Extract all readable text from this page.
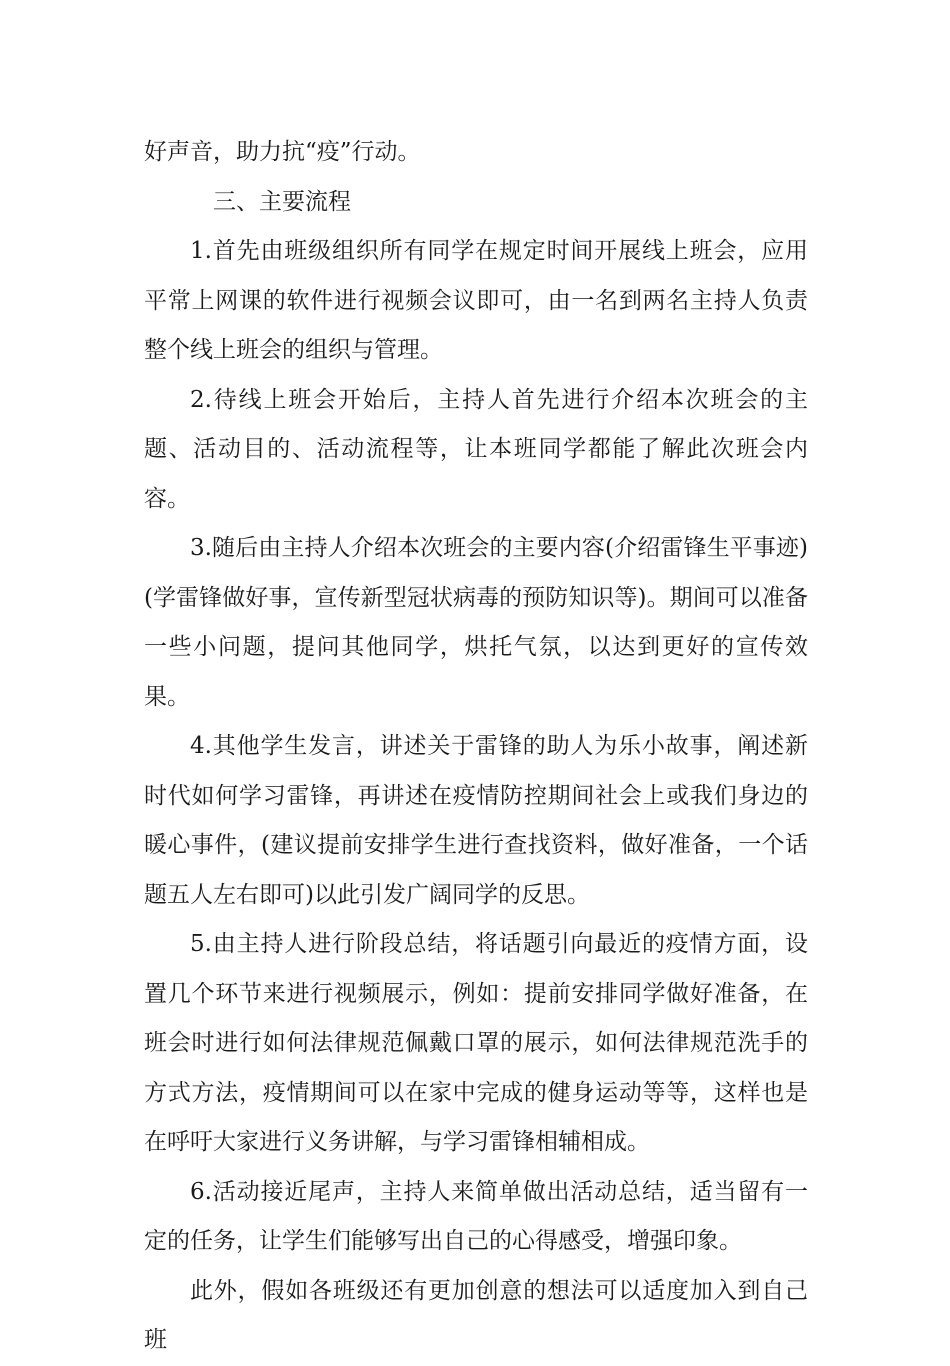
好声音，助力抗“疫”行动。

三、主要流程

1.首先由班级组织所有同学在规定时间开展线上班会，应用平常上网课的软件进行视频会议即可，由一名到两名主持人负责整个线上班会的组织与管理。

2.待线上班会开始后，主持人首先进行介绍本次班会的主题、活动目的、活动流程等，让本班同学都能了解此次班会内容。

3.随后由主持人介绍本次班会的主要内容(介绍雷锋生平事迹)(学雷锋做好事，宣传新型冠状病毒的预防知识等)。期间可以准备一些小问题，提问其他同学，烘托气氛，以达到更好的宣传效果。

4.其他学生发言，讲述关于雷锋的助人为乐小故事，阐述新时代如何学习雷锋，再讲述在疫情防控期间社会上或我们身边的暖心事件，(建议提前安排学生进行查找资料，做好准备，一个话题五人左右即可)以此引发广阔同学的反思。

5.由主持人进行阶段总结，将话题引向最近的疫情方面，设置几个环节来进行视频展示，例如：提前安排同学做好准备，在班会时进行如何法律规范佩戴口罩的展示，如何法律规范洗手的方式方法，疫情期间可以在家中完成的健身运动等等，这样也是在呼吁大家进行义务讲解，与学习雷锋相辅相成。

6.活动接近尾声，主持人来简单做出活动总结，适当留有一定的任务，让学生们能够写出自己的心得感受，增强印象。

此外，假如各班级还有更加创意的想法可以适度加入到自己班
